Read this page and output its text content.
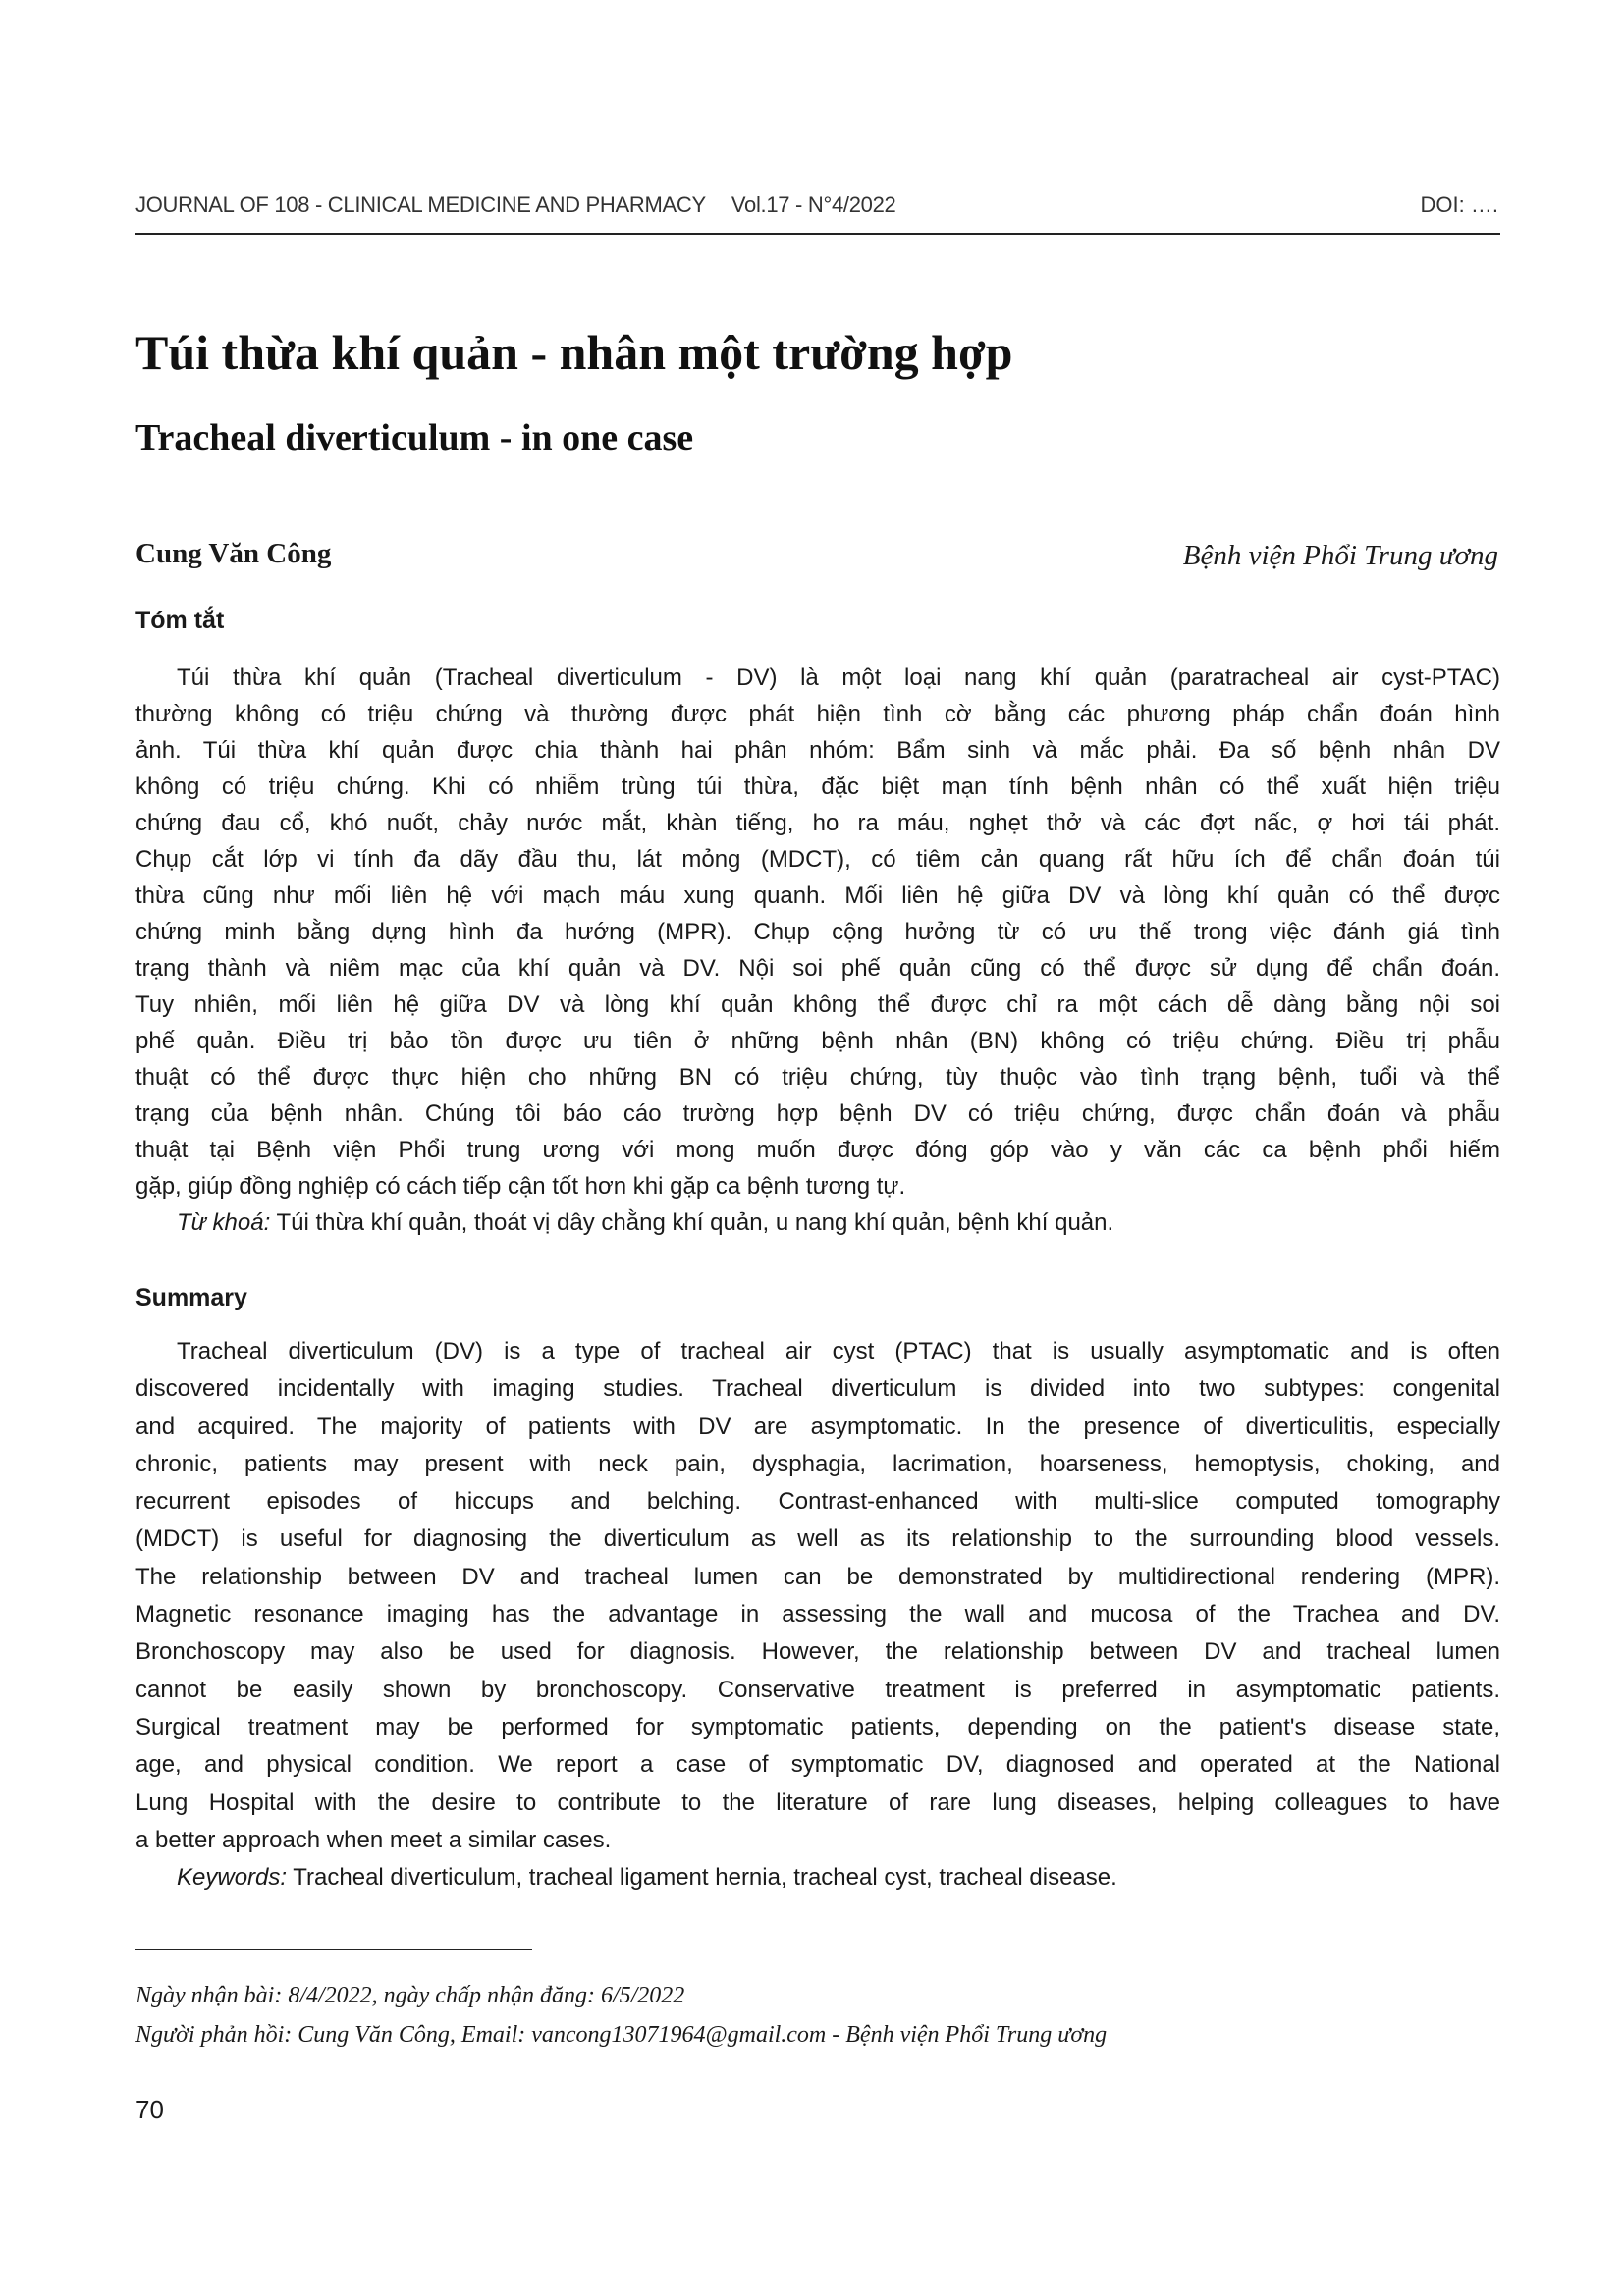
JOURNAL OF 108 - CLINICAL MEDICINE AND PHARMACY Vol.17 - N°4/2022	DOI: ….
Túi thừa khí quản - nhân một trường hợp
Tracheal diverticulum - in one case
Cung Văn Công	Bệnh viện Phổi Trung ương
Tóm tắt
Túi thừa khí quản (Tracheal diverticulum - DV) là một loại nang khí quản (paratracheal air cyst-PTAC)
thường không có triệu chứng và thường được phát hiện tình cờ bằng các phương pháp chẩn đoán hình
ảnh. Túi thừa khí quản được chia thành hai phân nhóm: Bẩm sinh và mắc phải. Đa số bệnh nhân DV
không có triệu chứng. Khi có nhiễm trùng túi thừa, đặc biệt mạn tính bệnh nhân có thể xuất hiện triệu
chứng đau cổ, khó nuốt, chảy nước mắt, khàn tiếng, ho ra máu, nghẹt thở và các đợt nấc, ợ hơi tái phát.
Chụp cắt lớp vi tính đa dãy đầu thu, lát mỏng (MDCT), có tiêm cản quang rất hữu ích để chẩn đoán túi
thừa cũng như mối liên hệ với mạch máu xung quanh. Mối liên hệ giữa DV và lòng khí quản có thể được
chứng minh bằng dựng hình đa hướng (MPR). Chụp cộng hưởng từ có ưu thế trong việc đánh giá tình
trạng thành và niêm mạc của khí quản và DV. Nội soi phế quản cũng có thể được sử dụng để chẩn đoán.
Tuy nhiên, mối liên hệ giữa DV và lòng khí quản không thể được chỉ ra một cách dễ dàng bằng nội soi
phế quản. Điều trị bảo tồn được ưu tiên ở những bệnh nhân (BN) không có triệu chứng. Điều trị phẫu
thuật có thể được thực hiện cho những BN có triệu chứng, tùy thuộc vào tình trạng bệnh, tuổi và thể
trạng của bệnh nhân. Chúng tôi báo cáo trường hợp bệnh DV có triệu chứng, được chẩn đoán và phẫu
thuật tại Bệnh viện Phổi trung ương với mong muốn được đóng góp vào y văn các ca bệnh phổi hiếm
gặp, giúp đồng nghiệp có cách tiếp cận tốt hơn khi gặp ca bệnh tương tự.
Từ khoá: Túi thừa khí quản, thoát vị dây chằng khí quản, u nang khí quản, bệnh khí quản.
Summary
Tracheal diverticulum (DV) is a type of tracheal air cyst (PTAC) that is usually asymptomatic and is often
discovered incidentally with imaging studies. Tracheal diverticulum is divided into two subtypes: congenital
and acquired. The majority of patients with DV are asymptomatic. In the presence of diverticulitis, especially
chronic, patients may present with neck pain, dysphagia, lacrimation, hoarseness, hemoptysis, choking, and
recurrent episodes of hiccups and belching. Contrast-enhanced with multi-slice computed tomography
(MDCT) is useful for diagnosing the diverticulum as well as its relationship to the surrounding blood vessels.
The relationship between DV and tracheal lumen can be demonstrated by multidirectional rendering (MPR).
Magnetic resonance imaging has the advantage in assessing the wall and mucosa of the Trachea and DV.
Bronchoscopy may also be used for diagnosis. However, the relationship between DV and tracheal lumen
cannot be easily shown by bronchoscopy. Conservative treatment is preferred in asymptomatic patients.
Surgical treatment may be performed for symptomatic patients, depending on the patient's disease state,
age, and physical condition. We report a case of symptomatic DV, diagnosed and operated at the National
Lung Hospital with the desire to contribute to the literature of rare lung diseases, helping colleagues to have
a better approach when meet a similar cases.
Keywords: Tracheal diverticulum, tracheal ligament hernia, tracheal cyst, tracheal disease.
Ngày nhận bài: 8/4/2022, ngày chấp nhận đăng: 6/5/2022
Người phản hồi: Cung Văn Công, Email: vancong13071964@gmail.com - Bệnh viện Phổi Trung ương
70
